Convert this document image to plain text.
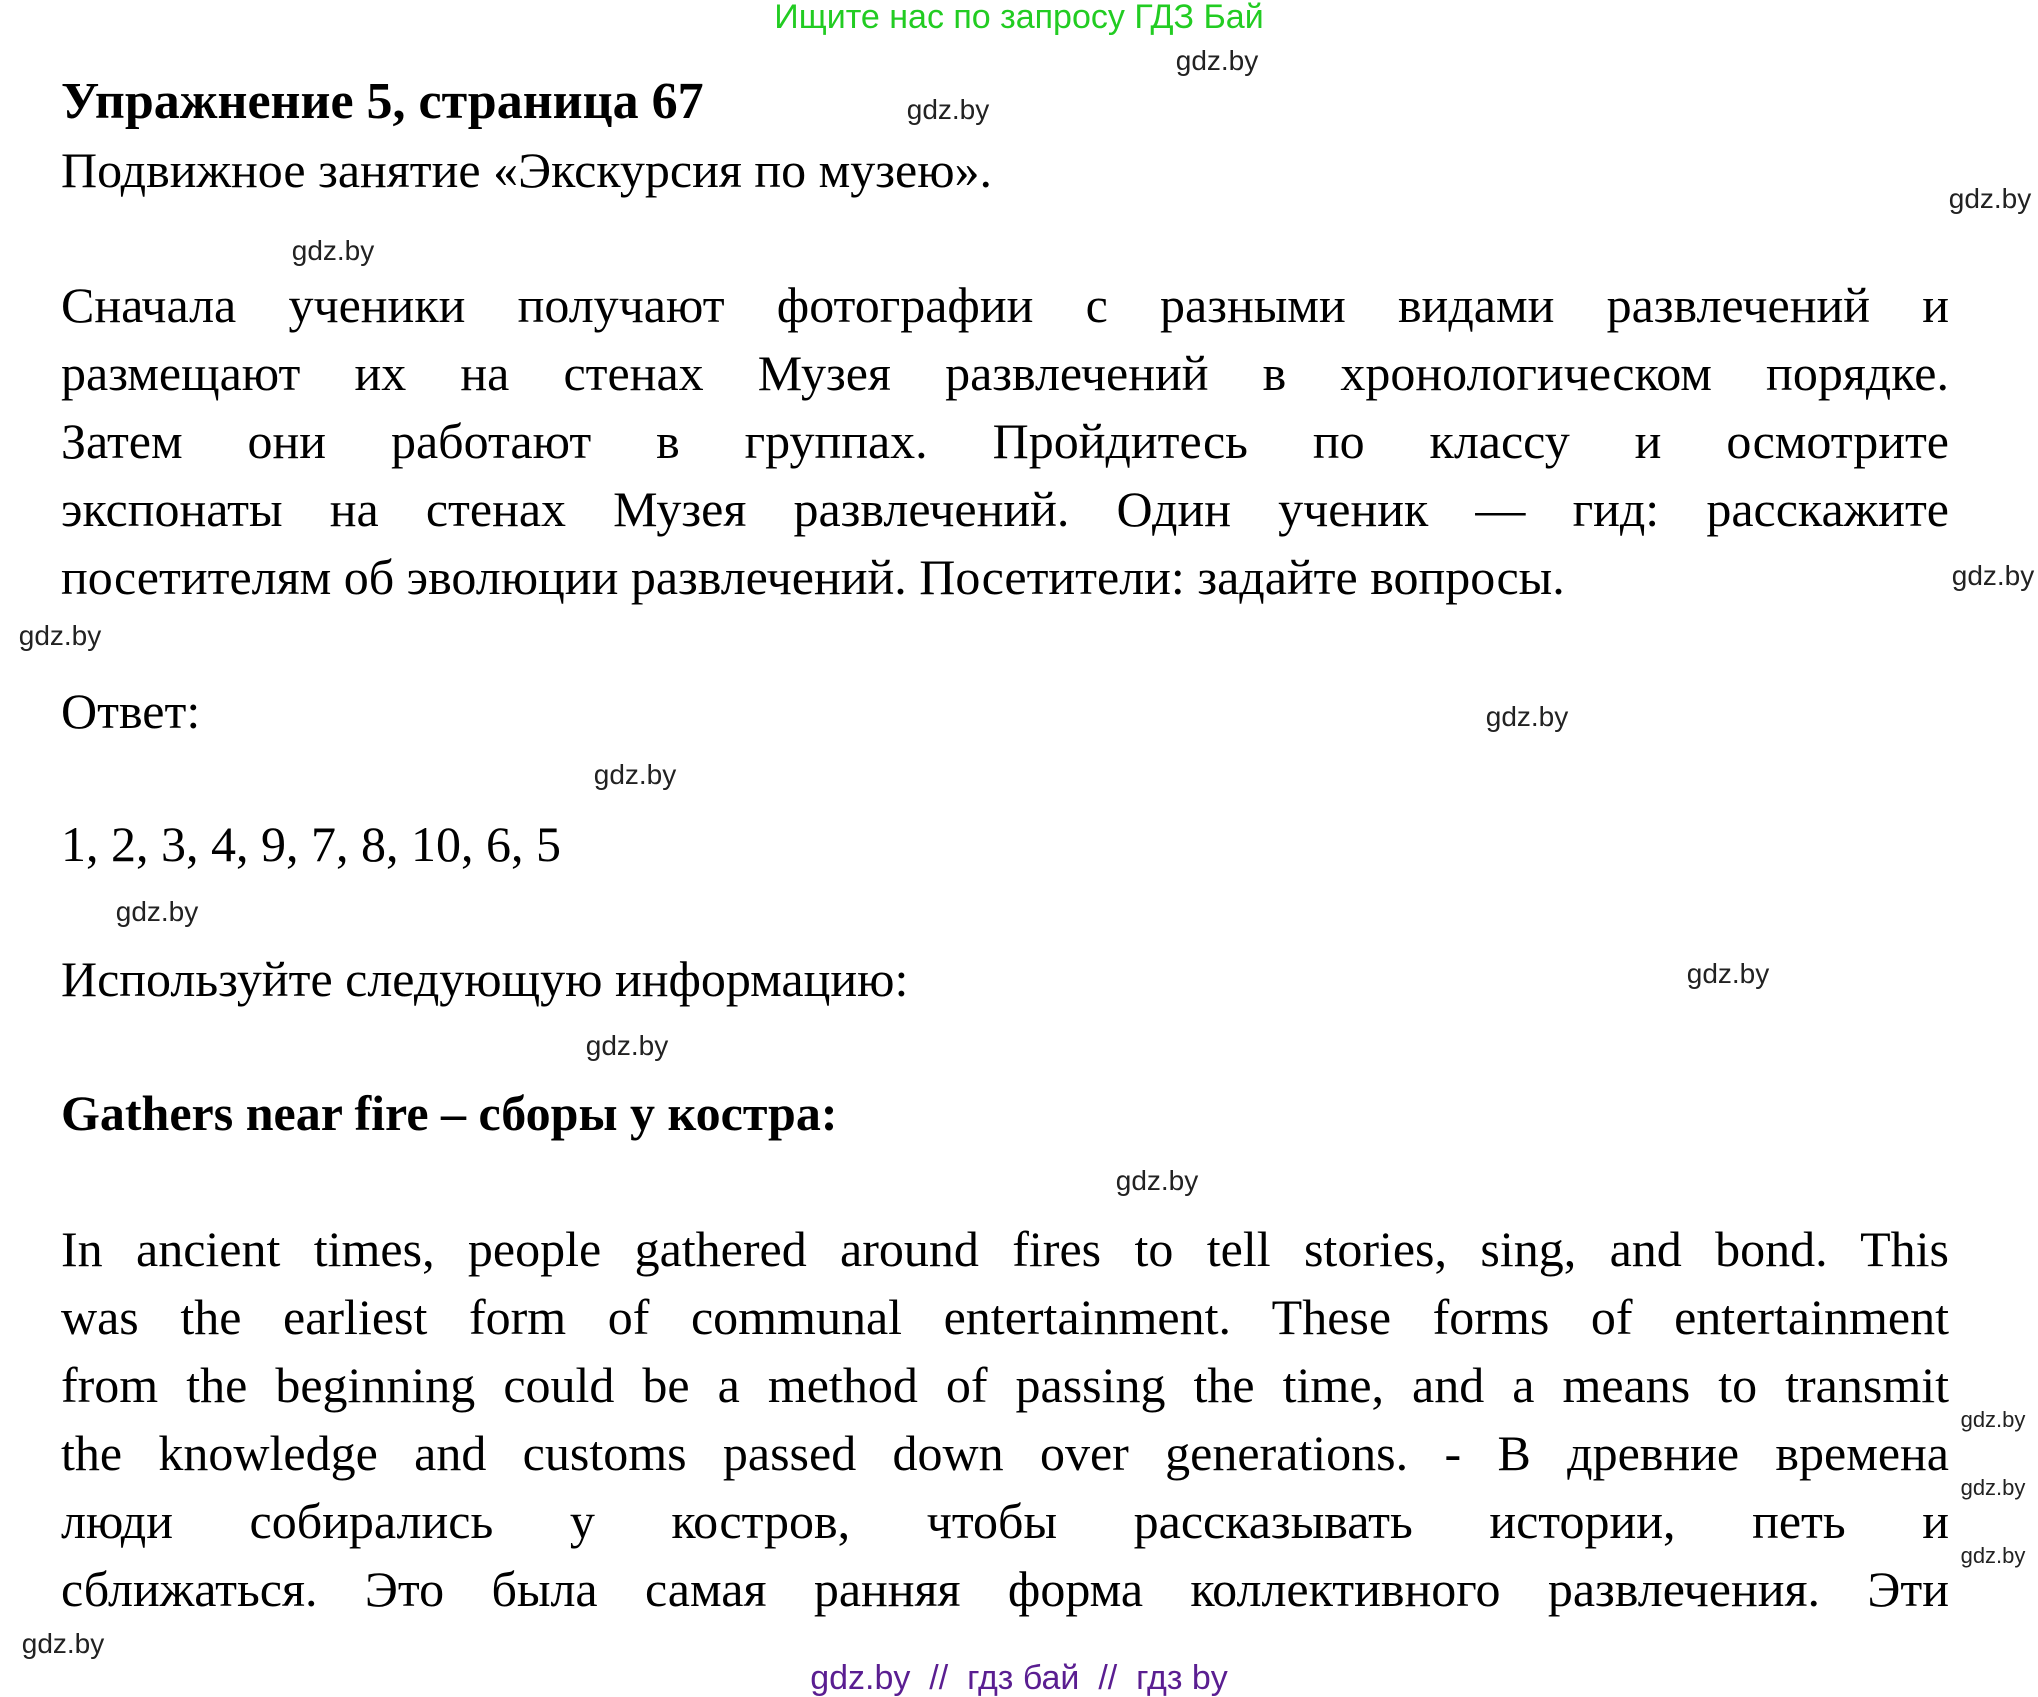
Ищите нас по запросу ГДЗ Бай
Упражнение 5, страница 67
Подвижное занятие «Экскурсия по музею».
Сначала ученики получают фотографии с разными видами развлечений и
размещают их на стенах Музея развлечений в хронологическом порядке.
Затем они работают в группах. Пройдитесь по классу и осмотрите
экспонаты на стенах Музея развлечений. Один ученик — гид: расскажите
посетителям об эволюции развлечений. Посетители: задайте вопросы.
Ответ:
1, 2, 3, 4, 9, 7, 8, 10, 6, 5
Используйте следующую информацию:
Gathers near fire – сборы у костра:
In ancient times, people gathered around fires to tell stories, sing, and bond. This
was the earliest form of communal entertainment. These forms of entertainment
from the beginning could be a method of passing the time, and a means to transmit
the knowledge and customs passed down over generations. - В древние времена
люди собирались у костров, чтобы рассказывать истории, петь и
сближаться. Это была самая ранняя форма коллективного развлечения. Эти
gdz.by
gdz.by
gdz.by
gdz.by
gdz.by
gdz.by
gdz.by
gdz.by
gdz.by
gdz.by
gdz.by
gdz.by
gdz.by
gdz.by
gdz.by
gdz.by
gdz.by  //  гдз бай  //  гдз by
